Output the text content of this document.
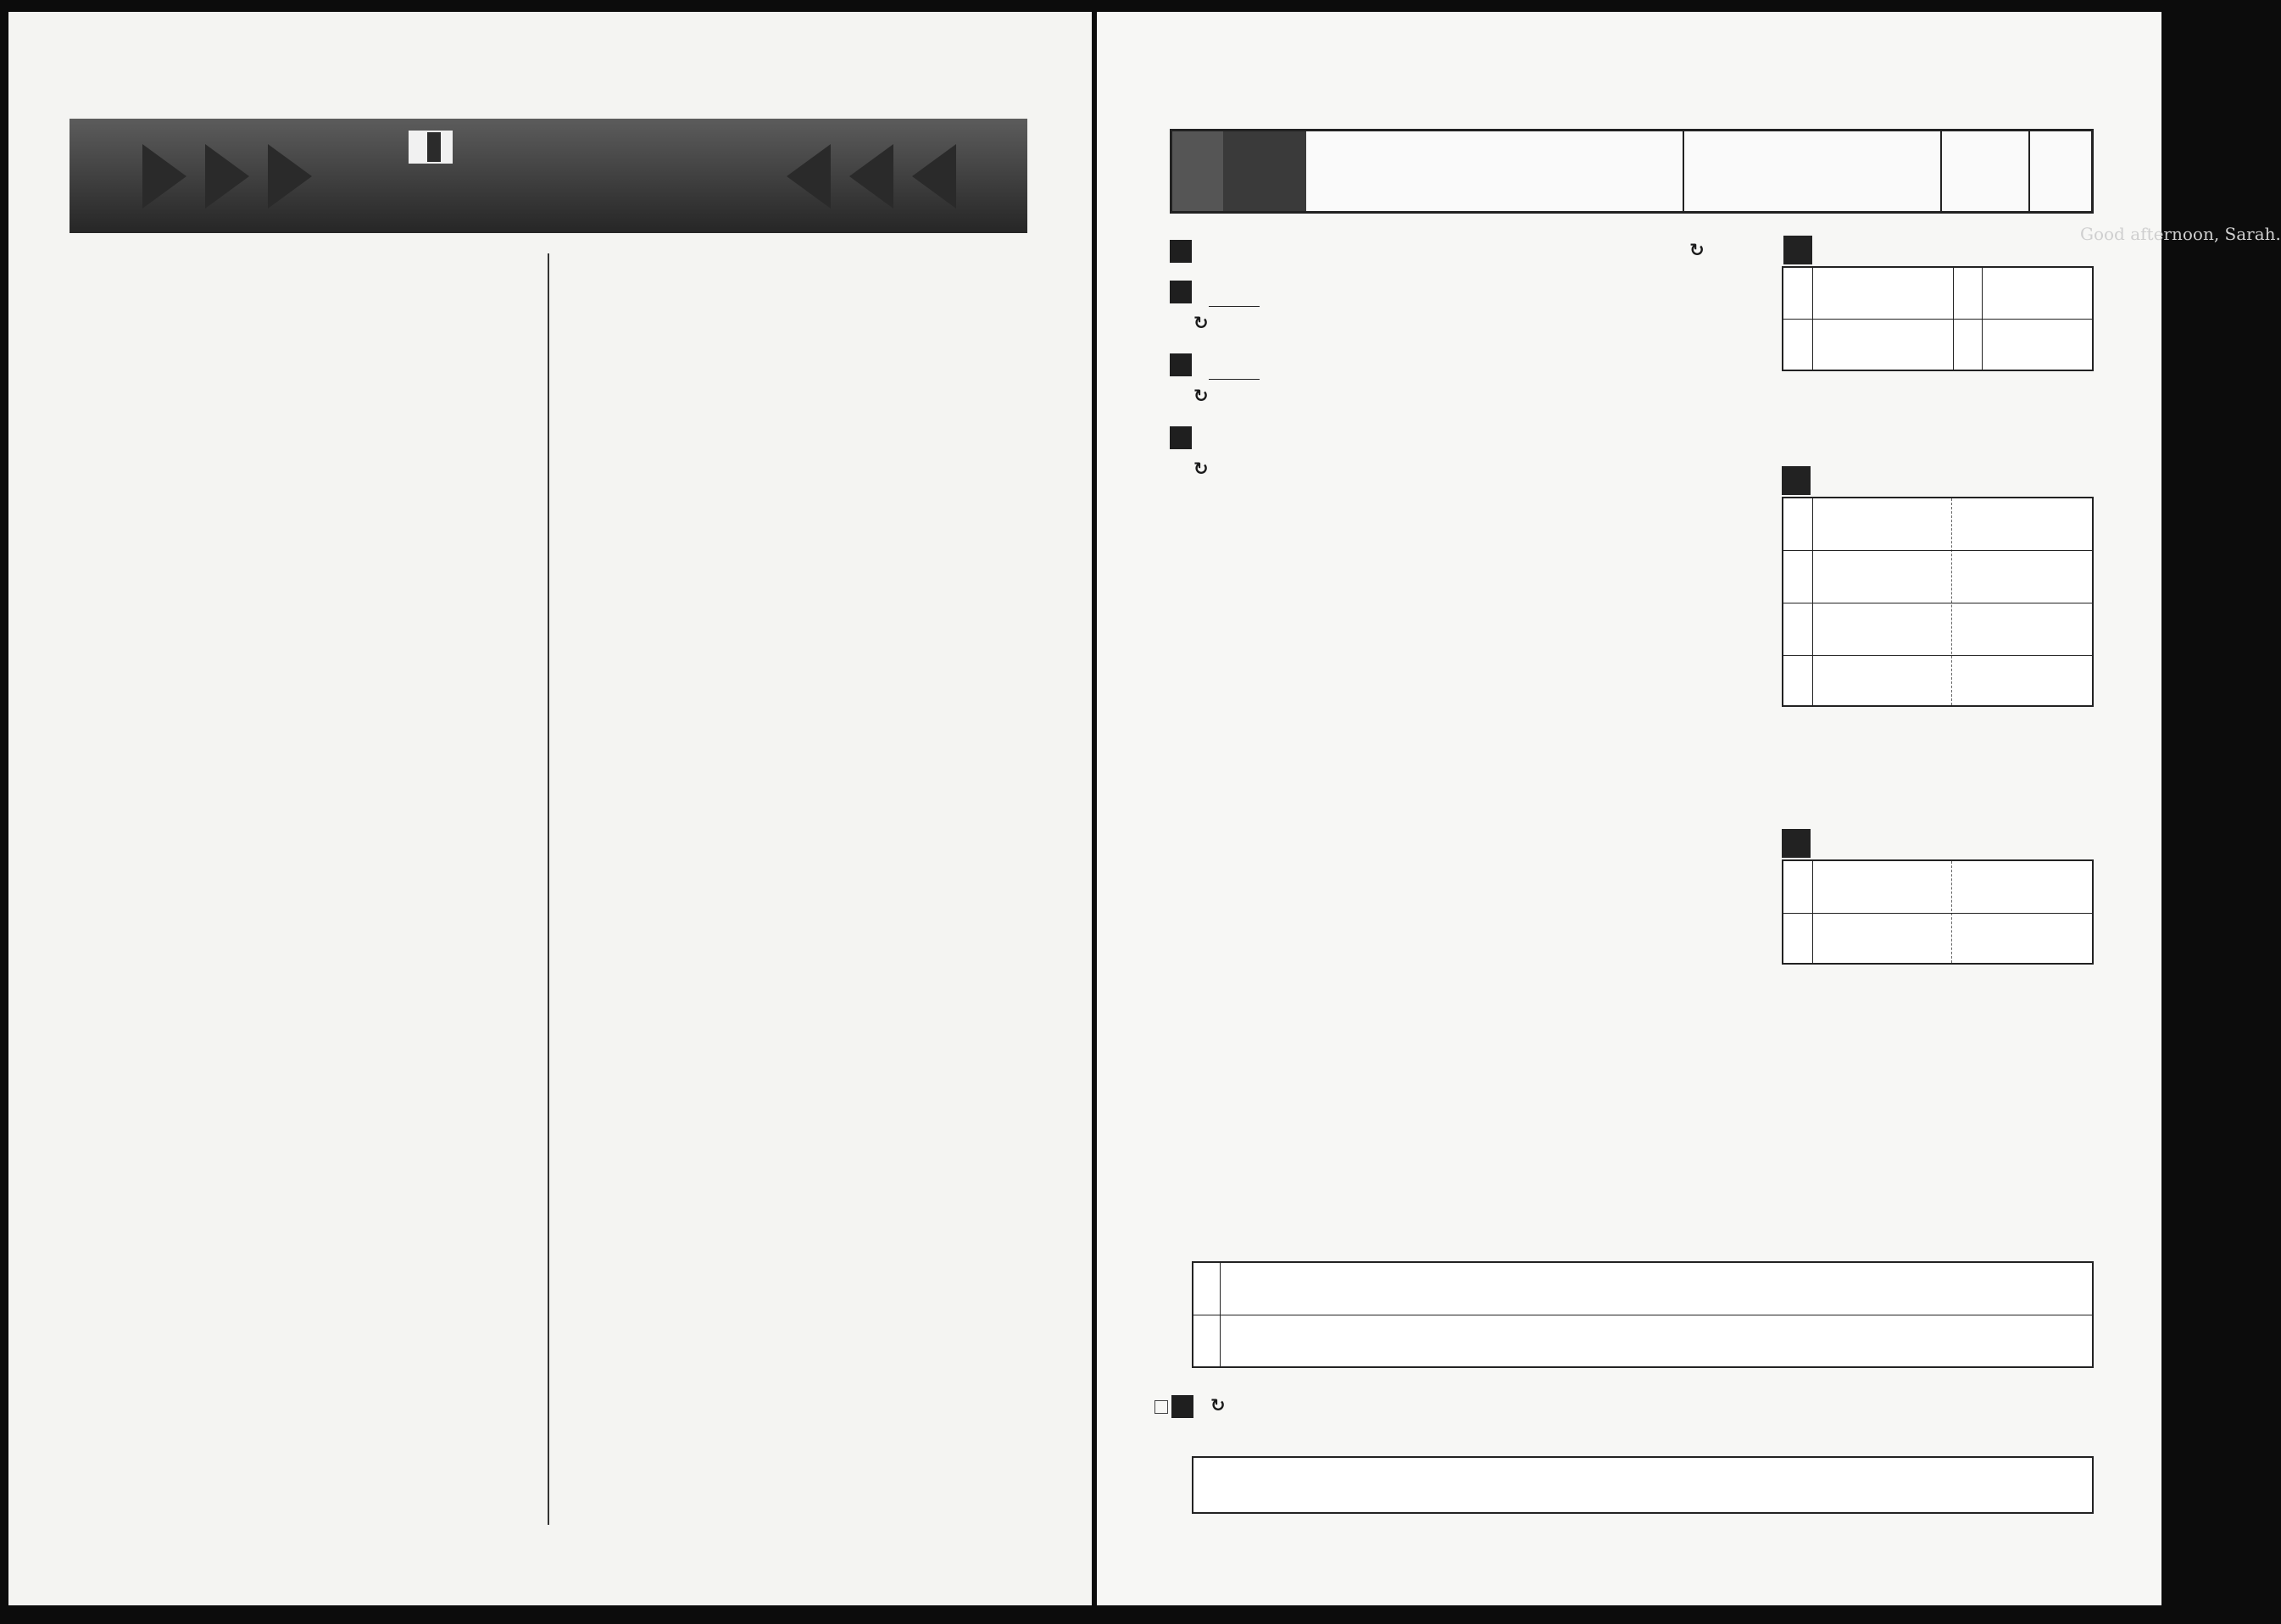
Good afternoon, Sarah.
↻
↻
↻
↻
↻
